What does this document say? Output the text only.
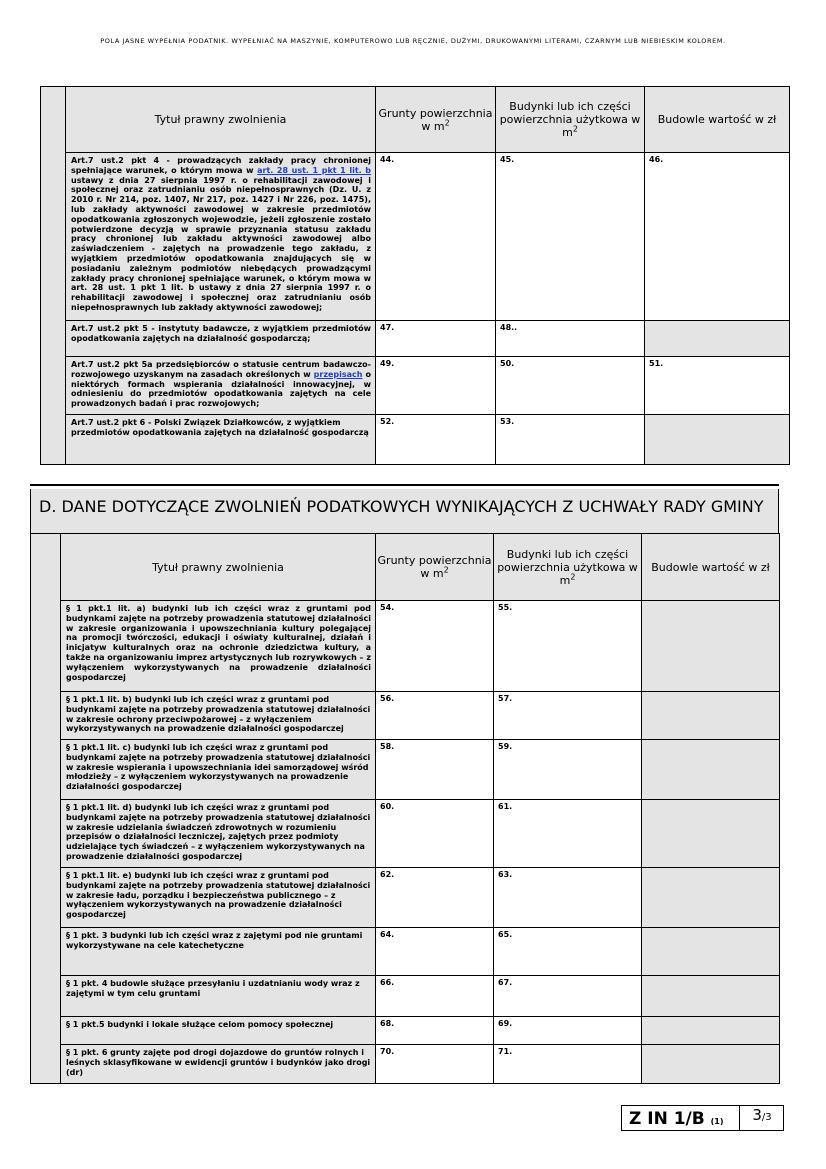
POLA JASNE WYPEŁNIA PODATNIK. WYPEŁNIAĆ NA MASZYNIE, KOMPUTEROWO LUB RĘCZNIE, DUŻYMI, DRUKOWANYMI LITERAMI, CZARNYM LUB NIEBIESKIM KOLOREM.
	Tytuł prawny zwolnienia	Grunty powierzchnia w $m^2$	Budynki lub ich części powierzchnia użytkowa w $m^2$	Budowle wartość w zł
	Art.7 ust.2 pkt 4 - prowadzących zakłady pracy chronionej spełniające warunek, o którym mowa w art. 28 ust. 1 pkt 1 lit. b ustawy z dnia 27 sierpnia 1997 r. o rehabilitacji zawodowej i społecznej oraz zatrudnianiu osób niepełnosprawnych (Dz. U. z 2010 r. Nr 214, poz. 1407, Nr 217, poz. 1427 i Nr 226, poz. 1475), lub zakłady aktywności zawodowej w zakresie przedmiotów opodatkowania zgłoszonych wojewodzie, jeżeli zgłoszenie zostało potwierdzone decyzją w sprawie przyznania statusu zakładu pracy chronionej lub zakładu aktywności zawodowej albo zaświadczeniem - zajętych na prowadzenie tego zakładu, z wyjątkiem przedmiotów opodatkowania znajdujących się w posiadaniu zależnym podmiotów niebędących prowadzącymi zakłady pracy chronionej spełniające warunek, o którym mowa w art. 28 ust. 1 pkt 1 lit. b ustawy z dnia 27 sierpnia 1997 r. o rehabilitacji zawodowej i społecznej oraz zatrudnianiu osób niepełnosprawnych lub zakłady aktywności zawodowej;	44.	45.	46.
	Art.7 ust.2 pkt 5 - instytuty badawcze, z wyjątkiem przedmiotów opodatkowania zajętych na działalność gospodarczą;	47.	48..	
	Art.7 ust.2 pkt 5a przedsiębiorców o statusie centrum badawczo-rozwojowego uzyskanym na zasadach określonych w przepisach o niektórych formach wspierania działalności innowacyjnej, w odniesieniu do przedmiotów opodatkowania zajętych na cele prowadzonych badań i prac rozwojowych;	49.	50.	51.
	Art.7 ust.2 pkt 6 - Polski Związek Działkowców, z wyjątkiem przedmiotów opodatkowania zajętych na działalność gospodarczą	52.	53.	
D. DANE DOTYCZĄCE ZWOLNIEŃ PODATKOWYCH WYNIKAJĄCYCH Z UCHWAŁY RADY GMINY
	Tytuł prawny zwolnienia	Grunty powierzchnia w $m^2$	Budynki lub ich części powierzchnia użytkowa w $m^2$	Budowle wartość w zł
	§ 1 pkt.1 lit. a) budynki lub ich części wraz z gruntami pod budynkami zajęte na potrzeby prowadzenia statutowej działalności w zakresie organizowania i upowszechniania kultury polegającej na promocji twórczości, edukacji i oświaty kulturalnej, działań i inicjatyw kulturalnych oraz na ochronie dziedzictwa kultury, a także na organizowaniu imprez artystycznych lub rozrywkowych – z wyłączeniem wykorzystywanych na prowadzenie działalności gospodarczej	54.	55.	
	§ 1 pkt.1 lit. b) budynki lub ich części wraz z gruntami pod budynkami zajęte na potrzeby prowadzenia statutowej działalności w zakresie ochrony przeciwpożarowej – z wyłączeniem wykorzystywanych na prowadzenie działalności gospodarczej	56.	57.	
	§ 1 pkt.1 lit. c) budynki lub ich części wraz z gruntami pod budynkami zajęte na potrzeby prowadzenia statutowej działalności w zakresie wspierania i upowszechniania idei samorządowej wśród młodzieży – z wyłączeniem wykorzystywanych na prowadzenie działalności gospodarczej	58.	59.	
	§ 1 pkt.1 lit. d) budynki lub ich części wraz z gruntami pod budynkami zajęte na potrzeby prowadzenia statutowej działalności w zakresie udzielania świadczeń zdrowotnych w rozumieniu przepisów o działalności leczniczej, zajętych przez podmioty udzielające tych świadczeń – z wyłączeniem wykorzystywanych na prowadzenie działalności gospodarczej	60.	61.	
	§ 1 pkt.1 lit. e) budynki lub ich części wraz z gruntami pod budynkami zajęte na potrzeby prowadzenia statutowej działalności w zakresie ładu, porządku i bezpieczeństwa publicznego – z wyłączeniem wykorzystywanych na prowadzenie działalności gospodarczej	62.	63.	
	§ 1 pkt. 3 budynki lub ich części wraz z zajętymi pod nie gruntami wykorzystywane na cele katechetyczne	64.	65.	
	§ 1 pkt. 4 budowle służące przesyłaniu i uzdatnianiu wody wraz z zajętymi w tym celu gruntami	66.	67.	
	§ 1 pkt.5 budynki i lokale służące celom pomocy społecznej	68.	69.	
	§ 1 pkt. 6 grunty zajęte pod drogi dojazdowe do gruntów rolnych i leśnych sklasyfikowane w ewidencji gruntów i budynków jako drogi (dr)	70.	71.	
Z IN 1/B (1)	3/3
